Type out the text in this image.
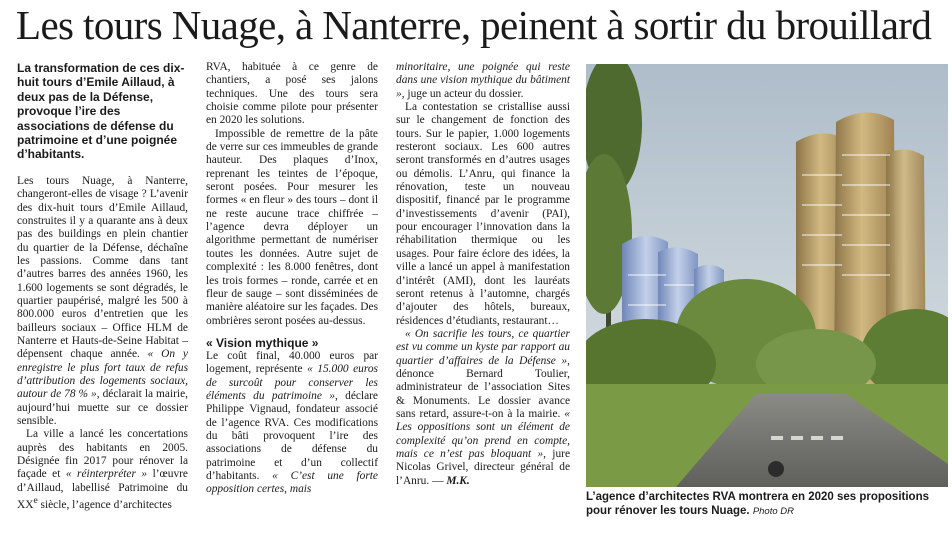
Les tours Nuage, à Nanterre, peinent à sortir du brouillard
La transformation de ces dix-huit tours d’Emile Aillaud, à deux pas de la Défense, provoque l’ire des associations de défense du patrimoine et d’une poignée d’habitants.

Les tours Nuage, à Nanterre, changeront-elles de visage ? L’avenir des dix-huit tours d’Emile Aillaud, construites il y a quarante ans à deux pas des buildings en plein chantier du quartier de la Défense, déchaîne les passions. Comme dans tant d’autres barres des années 1960, les 1.600 logements se sont dégradés, le quartier paupérisé, malgré les 500 à 800.000 euros d’entretien que les bailleurs sociaux – Office HLM de Nanterre et Hauts-de-Seine Habitat – dépensent chaque année. « On y enregistre le plus fort taux de refus d’attribution des logements sociaux, autour de 78 % », déclarait la mairie, aujourd’hui muette sur ce dossier sensible.

La ville a lancé les concertations auprès des habitants en 2005. Désignée fin 2017 pour rénover la façade et « réinterpréter » l’œuvre d’Aillaud, labellisé Patrimoine du XXe siècle, l’agence d’architectes

RVA, habituée à ce genre de chantiers, a posé ses jalons techniques. Une des tours sera choisie comme pilote pour présenter en 2020 les solutions.

Impossible de remettre de la pâte de verre sur ces immeubles de grande hauteur. Des plaques d’Inox, reprenant les teintes de l’époque, seront posées. Pour mesurer les formes « en fleur » des tours – dont il ne reste aucune trace chiffrée – l’agence devra déployer un algorithme permettant de numériser toutes les données. Autre sujet de complexité : les 8.000 fenêtres, dont les trois formes – ronde, carrée et en fleur de sauge – sont disséminées de manière aléatoire sur les façades. Des ombrières seront posées au-dessus.

« Vision mythique »

Le coût final, 40.000 euros par logement, représente « 15.000 euros de surcoût pour conserver les éléments du patrimoine », déclare Philippe Vignaud, fondateur associé de l’agence RVA. Ces modifications du bâti provoquent l’ire des associations de défense du patrimoine et d’un collectif d’habitants. « C’est une forte opposition certes, mais

minoritaire, une poignée qui reste dans une vision mythique du bâtiment », juge un acteur du dossier.

La contestation se cristallise aussi sur le changement de fonction des tours. Sur le papier, 1.000 logements resteront sociaux. Les 600 autres seront transformés en d’autres usages ou démolis. L’Anru, qui finance la rénovation, teste un nouveau dispositif, financé par le programme d’investissements d’avenir (PAI), pour encourager l’innovation dans la réhabilitation thermique ou les usages. Pour faire éclore des idées, la ville a lancé un appel à manifestation d’intérêt (AMI), dont les lauréats seront retenus à l’automne, chargés d’ajouter des hôtels, bureaux, résidences d’étudiants, restaurant…

« On sacrifie les tours, ce quartier est vu comme un kyste par rapport au quartier d’affaires de la Défense », dénonce Bernard Toulier, administrateur de l’association Sites & Monuments. Le dossier avance sans retard, assure-t-on à la mairie. « Les oppositions sont un élément de complexité qu’on prend en compte, mais ce n’est pas bloquant », jure Nicolas Grivel, directeur général de l’Anru. — M.K.

L’agence d’architectes RVA montrera en 2020 ses propositions pour rénover les tours Nuage. Photo DR
